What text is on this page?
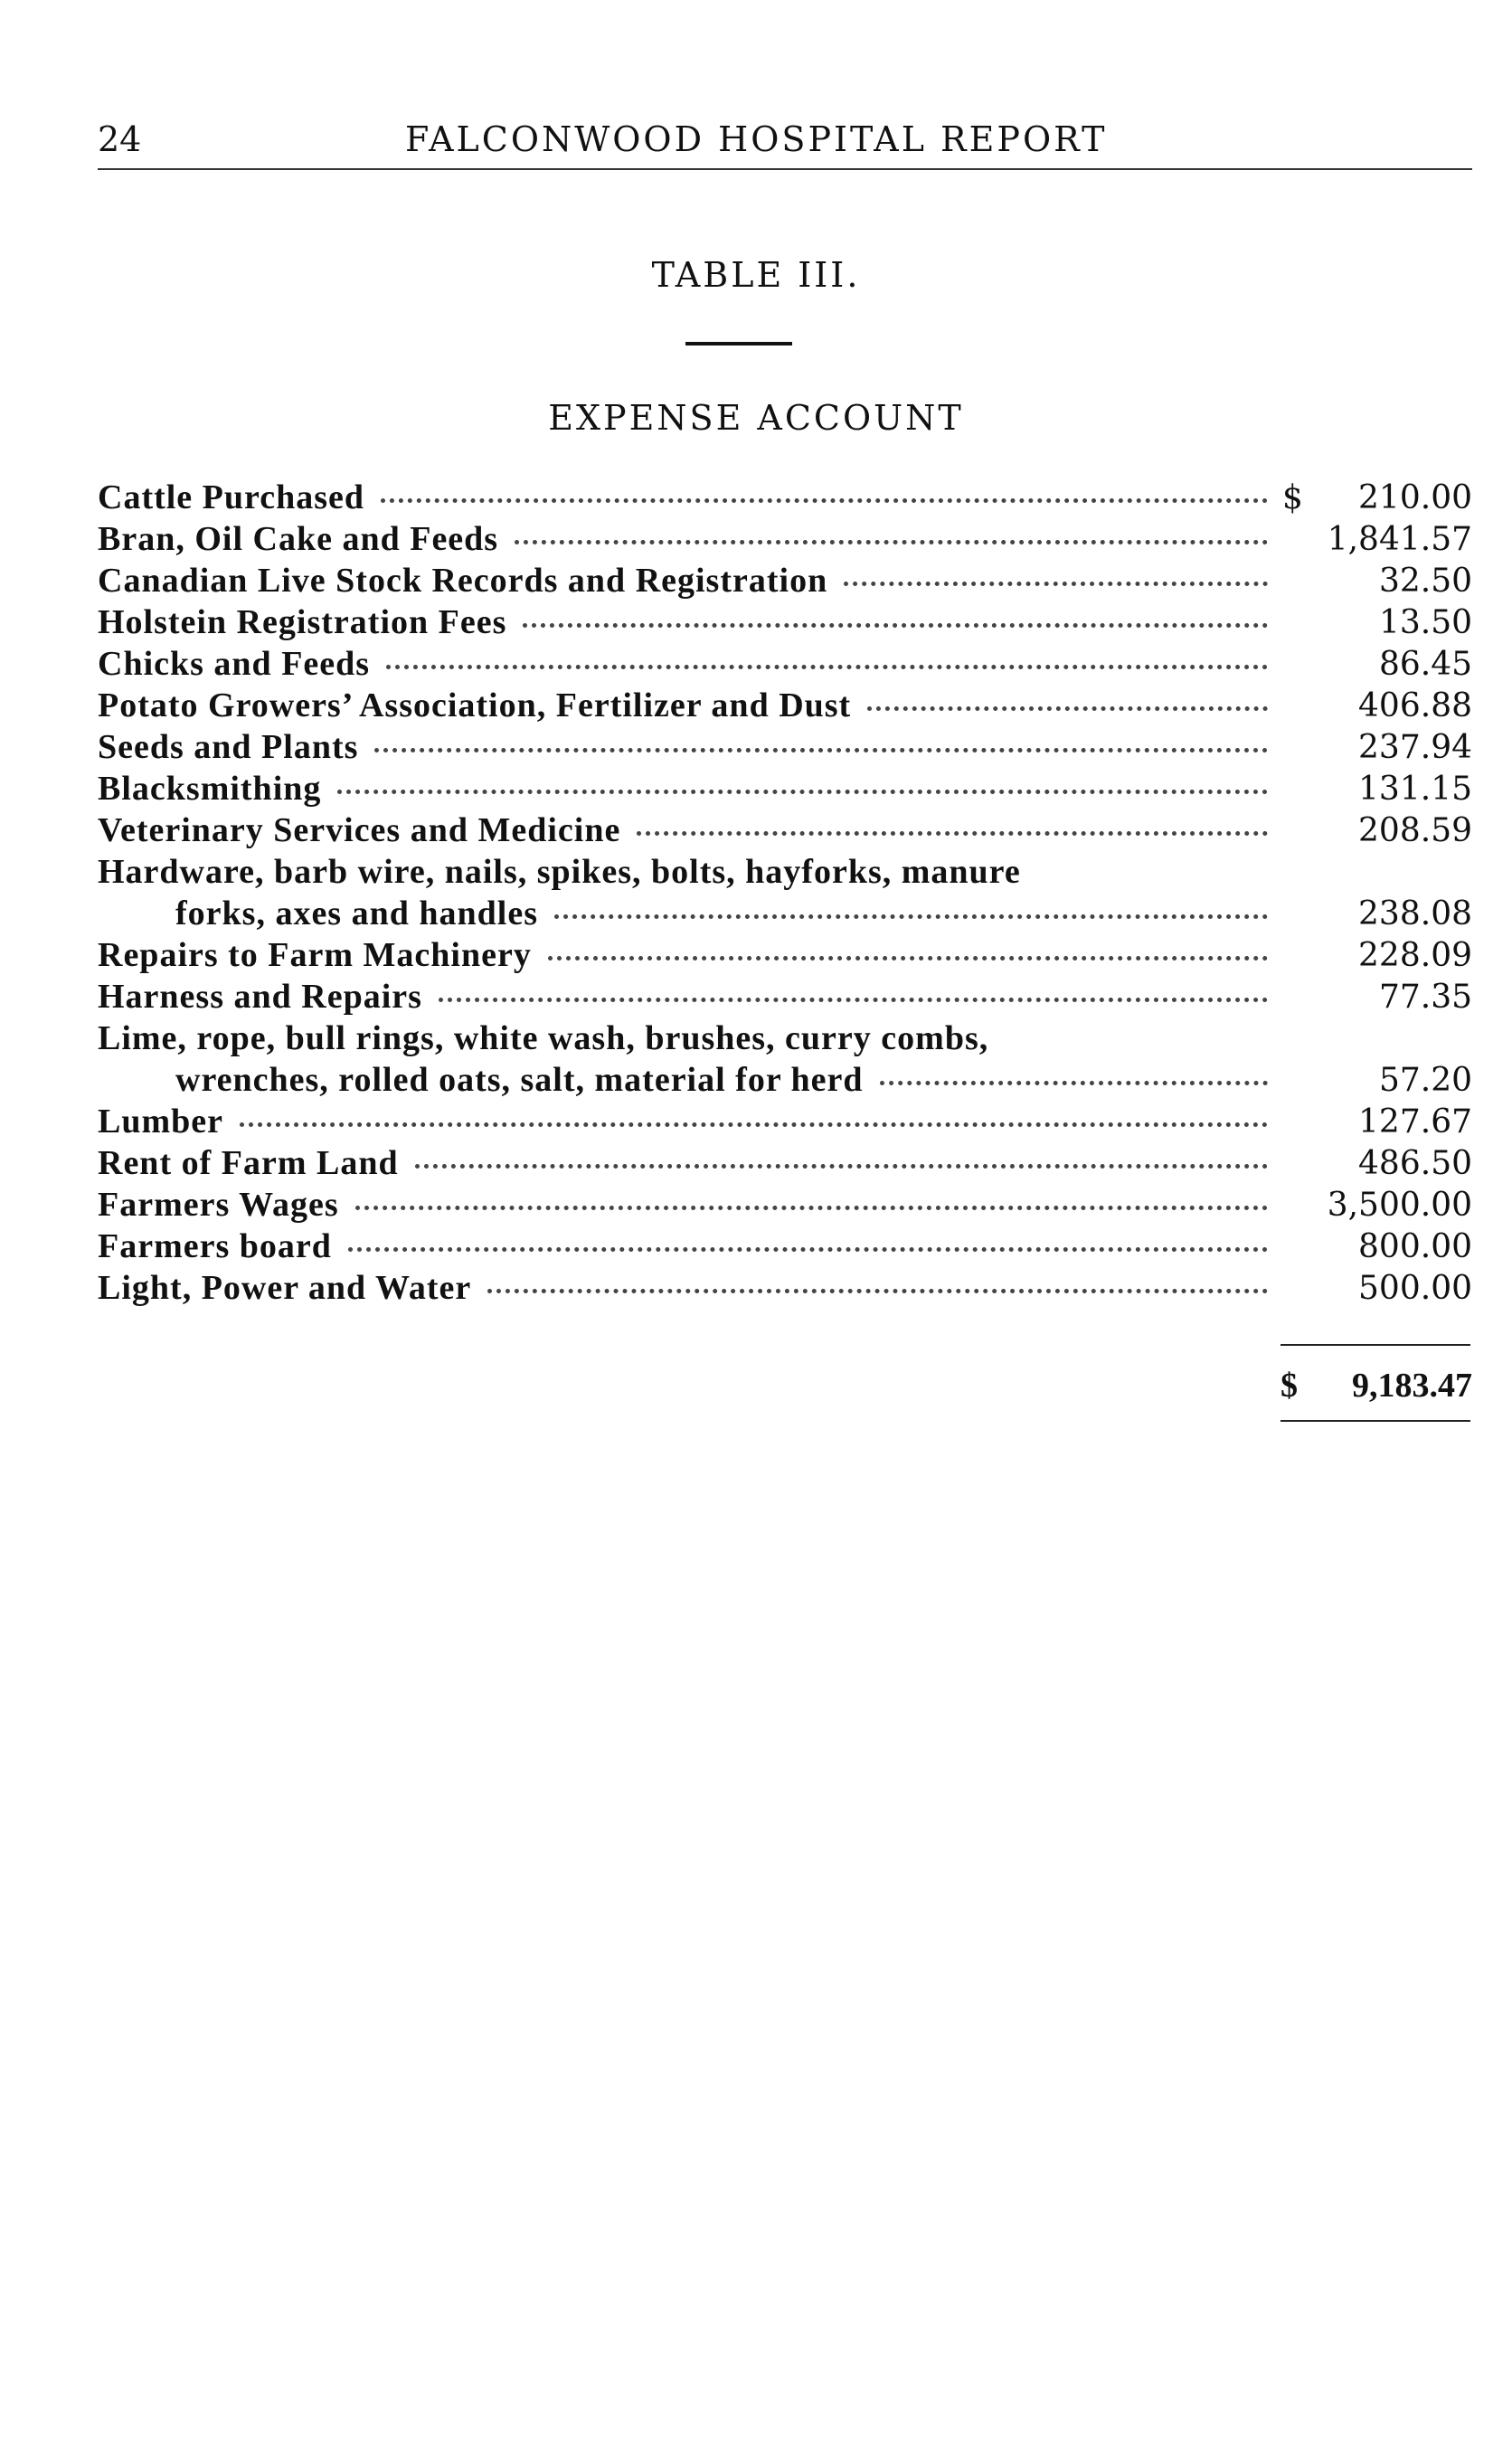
24	FALCONWOOD HOSPITAL REPORT
TABLE III.
EXPENSE ACCOUNT
Cattle Purchased	$ 210.00
Bran, Oil Cake and Feeds	1,841.57
Canadian Live Stock Records and Registration	32.50
Holstein Registration Fees	13.50
Chicks and Feeds	86.45
Potato Growers’ Association, Fertilizer and Dust	406.88
Seeds and Plants	237.94
Blacksmithing	131.15
Veterinary Services and Medicine	208.59
Hardware, barb wire, nails, spikes, bolts, hayforks, manure
forks, axes and handles	238.08
Repairs to Farm Machinery	228.09
Harness and Repairs	77.35
Lime, rope, bull rings, white wash, brushes, curry combs,
wrenches, rolled oats, salt, material for herd	57.20
Lumber	127.67
Rent of Farm Land	486.50
Farmers Wages	3,500.00
Farmers board	800.00
Light, Power and Water	500.00
$ 9,183.47
